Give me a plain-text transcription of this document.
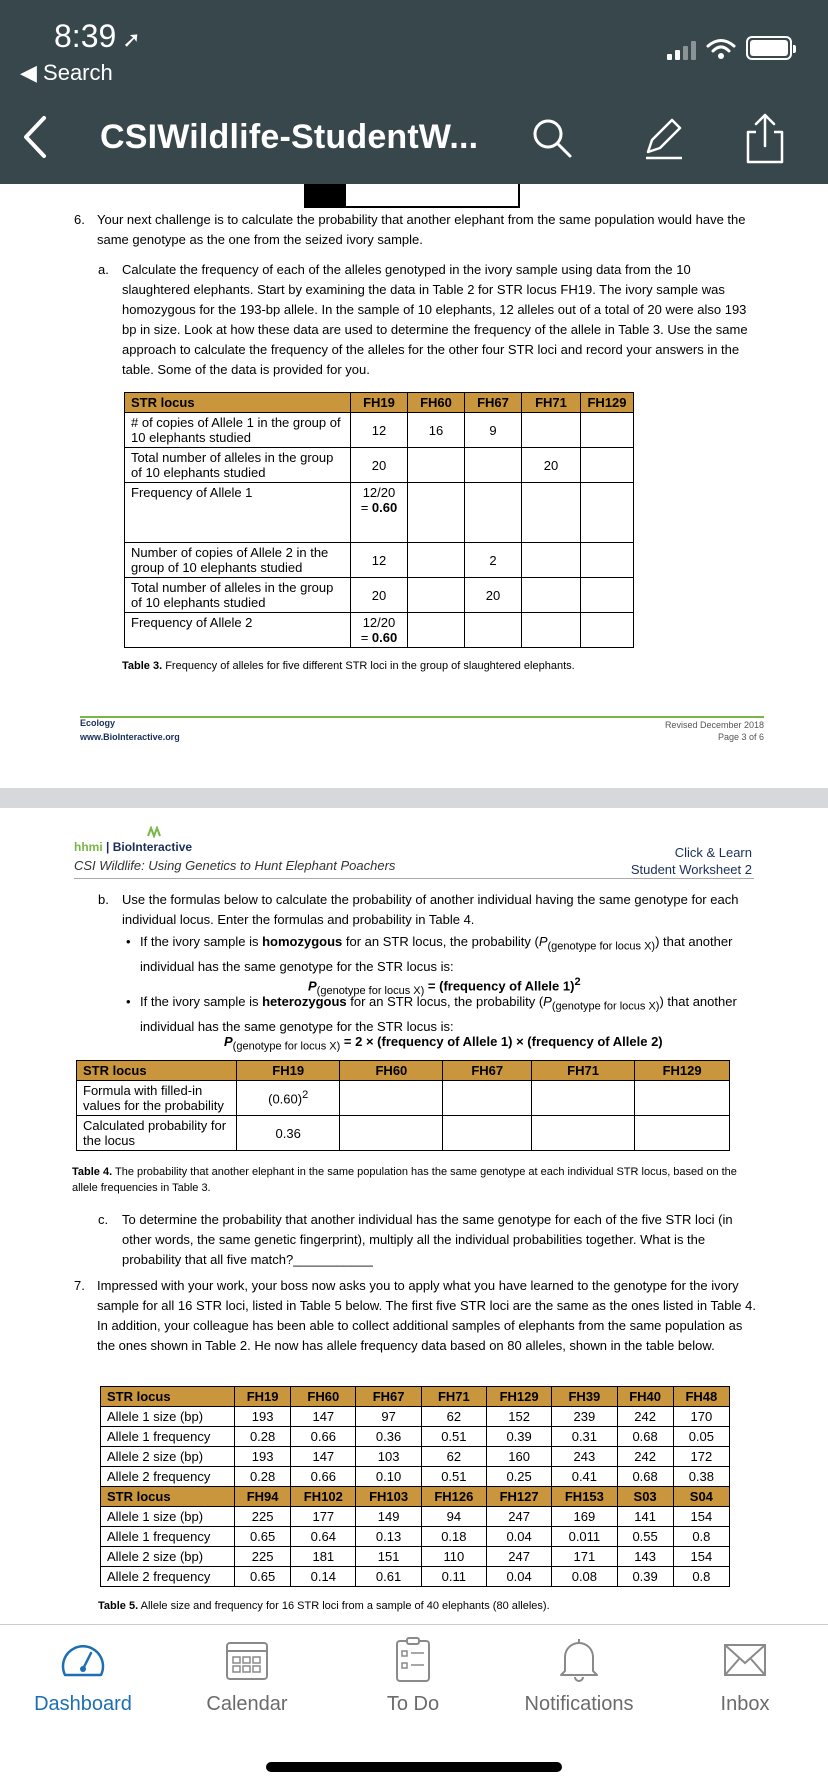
8:39 ➚
◀ Search
CSIWildlife-StudentW...
6. Your next challenge is to calculate the probability that another elephant from the same population would have the same genotype as the one from the seized ivory sample.
a. Calculate the frequency of each of the alleles genotyped in the ivory sample using data from the 10 slaughtered elephants. Start by examining the data in Table 2 for STR locus FH19. The ivory sample was homozygous for the 193-bp allele. In the sample of 10 elephants, 12 alleles out of a total of 20 were also 193 bp in size. Look at how these data are used to determine the frequency of the allele in Table 3. Use the same approach to calculate the frequency of the alleles for the other four STR loci and record your answers in the table. Some of the data is provided for you.
STR locus	FH19	FH60	FH67	FH71	FH129
# of copies of Allele 1 in the group of 10 elephants studied	12	16	9		
Total number of alleles in the group of 10 elephants studied	20			20	
Frequency of Allele 1	12/20
= 0.60				
Number of copies of Allele 2 in the group of 10 elephants studied	12		2		
Total number of alleles in the group of 10 elephants studied	20		20		
Frequency of Allele 2	12/20
= 0.60				
Table 3. Frequency of alleles for five different STR loci in the group of slaughtered elephants.
Ecology
www.BioInteractive.org
Revised December 2018
Page 3 of 6
hhmi | BioInteractive
CSI Wildlife: Using Genetics to Hunt Elephant Poachers
Click & Learn
Student Worksheet 2
b. Use the formulas below to calculate the probability of another individual having the same genotype for each individual locus. Enter the formulas and probability in Table 4.
• If the ivory sample is homozygous for an STR locus, the probability $(P_{(genotype for locus X)})$ that another individual has the same genotype for the STR locus is:
$P_{(genotype for locus X)}$ = (frequency of Allele 1)$^2$
• If the ivory sample is heterozygous for an STR locus, the probability $(P_{(genotype for locus X)})$ that another individual has the same genotype for the STR locus is:
$P_{(genotype for locus X)} = 2$ × (frequency of Allele 1) × (frequency of Allele 2)
STR locus	FH19	FH60	FH67	FH71	FH129
Formula with filled-in values for the probability	$(0.60)^2$				
Calculated probability for the locus	0.36				
Table 4. The probability that another elephant in the same population has the same genotype at each individual STR locus, based on the allele frequencies in Table 3.
c. To determine the probability that another individual has the same genotype for each of the five STR loci (in other words, the same genetic fingerprint), multiply all the individual probabilities together. What is the probability that all five match?___________
7. Impressed with your work, your boss now asks you to apply what you have learned to the genotype for the ivory sample for all 16 STR loci, listed in Table 5 below. The first five STR loci are the same as the ones listed in Table 4. In addition, your colleague has been able to collect additional samples of elephants from the same population as the ones shown in Table 2. He now has allele frequency data based on 80 alleles, shown in the table below.
STR locus	FH19	FH60	FH67	FH71	FH129	FH39	FH40	FH48
Allele 1 size (bp)	193	147	97	62	152	239	242	170
Allele 1 frequency	0.28	0.66	0.36	0.51	0.39	0.31	0.68	0.05
Allele 2 size (bp)	193	147	103	62	160	243	242	172
Allele 2 frequency	0.28	0.66	0.10	0.51	0.25	0.41	0.68	0.38
STR locus	FH94	FH102	FH103	FH126	FH127	FH153	S03	S04
Allele 1 size (bp)	225	177	149	94	247	169	141	154
Allele 1 frequency	0.65	0.64	0.13	0.18	0.04	0.011	0.55	0.8
Allele 2 size (bp)	225	181	151	110	247	171	143	154
Allele 2 frequency	0.65	0.14	0.61	0.11	0.04	0.08	0.39	0.8
Table 5. Allele size and frequency for 16 STR loci from a sample of 40 elephants (80 alleles).
Dashboard	Calendar	To Do	Notifications	Inbox
